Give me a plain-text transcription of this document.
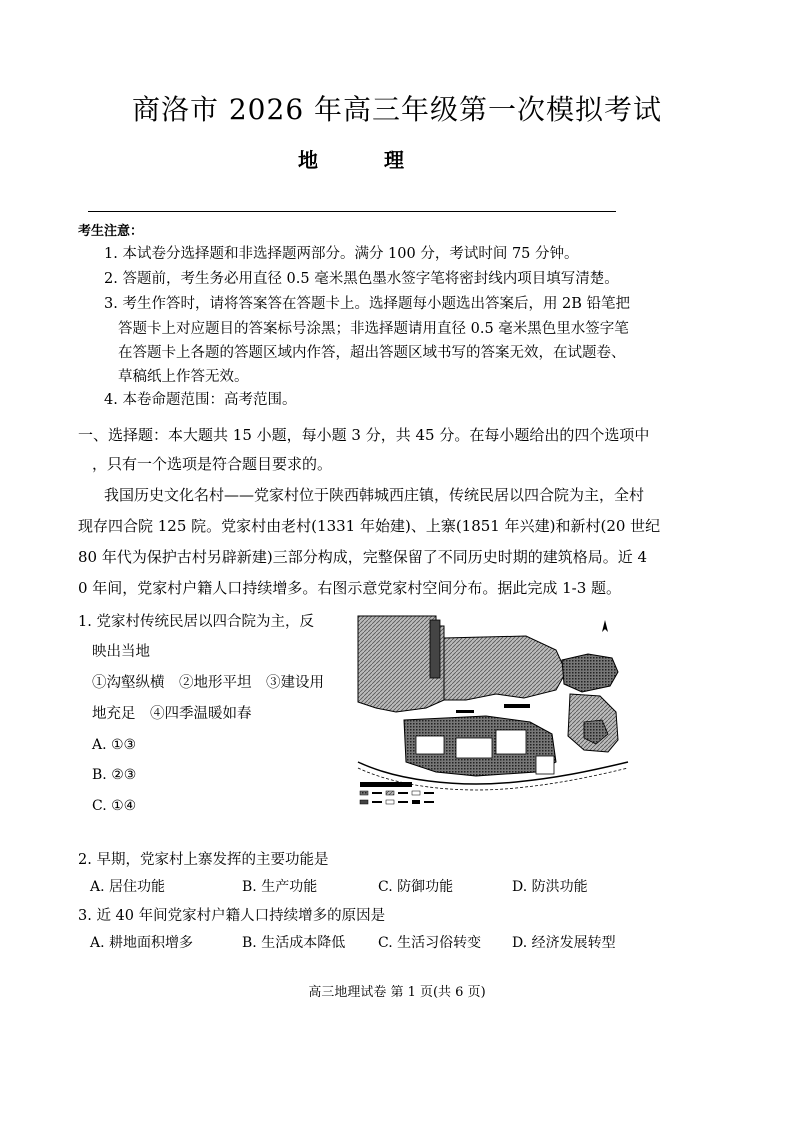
商洛市 2026 年高三年级第一次模拟考试
地理
考生注意：
1. 本试卷分选择题和非选择题两部分。满分 100 分，考试时间 75 分钟。
2. 答题前，考生务必用直径 0.5 毫米黑色墨水签字笔将密封线内项目填写清楚。
3. 考生作答时，请将答案答在答题卡上。选择题每小题选出答案后，用 2B 铅笔把
答题卡上对应题目的答案标号涂黑；非选择题请用直径 0.5 毫米黑色里水签字笔
在答题卡上各题的答题区域内作答，超出答题区域书写的答案无效，在试题卷、
草稿纸上作答无效。
4. 本卷命题范围：高考范围。
一、选择题：本大题共 15 小题，每小题 3 分，共 45 分。在每小题给出的四个选项中
，只有一个选项是符合题目要求的。
我国历史文化名村——党家村位于陕西韩城西庄镇，传统民居以四合院为主，全村
现存四合院 125 院。党家村由老村(1331 年始建)、上寨(1851 年兴建)和新村(20 世纪
80 年代为保护古村另辟新建)三部分构成，完整保留了不同历史时期的建筑格局。近 4
0 年间，党家村户籍人口持续增多。右图示意党家村空间分布。据此完成 1-3 题。
1. 党家村传统民居以四合院为主，反
映出当地
①沟壑纵横　②地形平坦　③建设用
地充足　④四季温暖如春
A. ①③
B. ②③
C. ①④
2. 早期，党家村上寨发挥的主要功能是
A. 居住功能	B. 生产功能	C. 防御功能	D. 防洪功能
3. 近 40 年间党家村户籍人口持续增多的原因是
A. 耕地面积增多	B. 生活成本降低 C. 生活习俗转变 D. 经济发展转型
高三地理试卷 第 1 页(共 6 页)
